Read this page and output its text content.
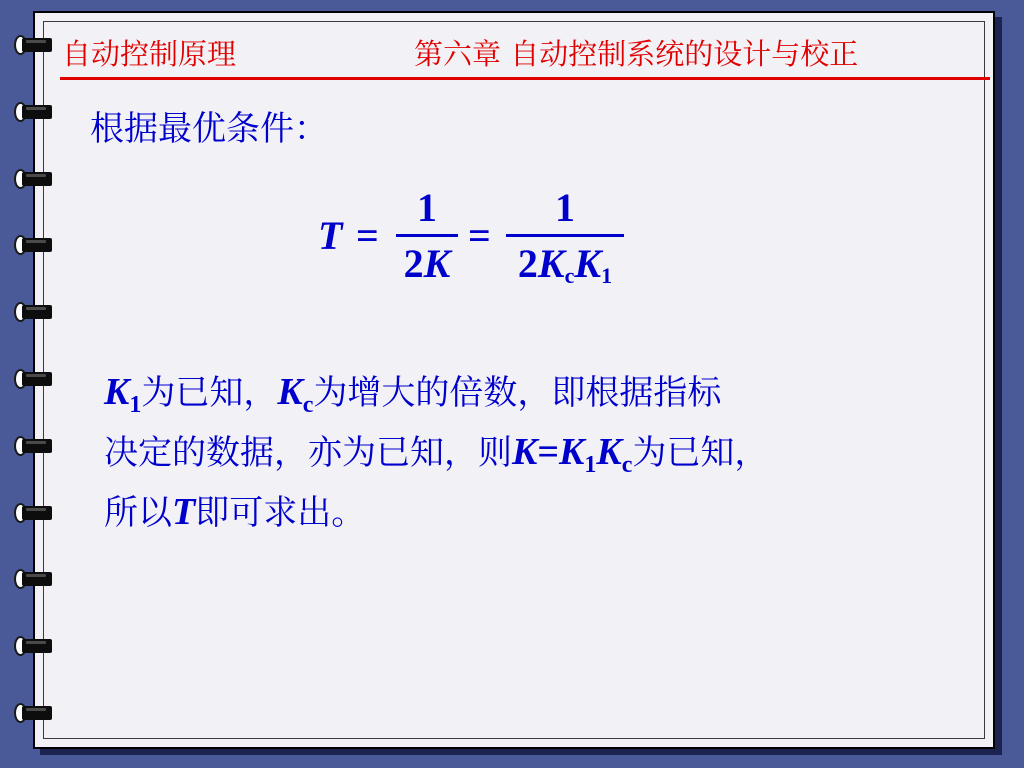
自动控制原理	第六章 自动控制系统的设计与校正
根据最优条件：
T =
1
2K
=
1
2KcK1
$K_1$为已知，$K_c$为增大的倍数，即根据指标
决定的数据，亦为已知，则$K=K_1K_c$为已知，
所以T即可求出。
